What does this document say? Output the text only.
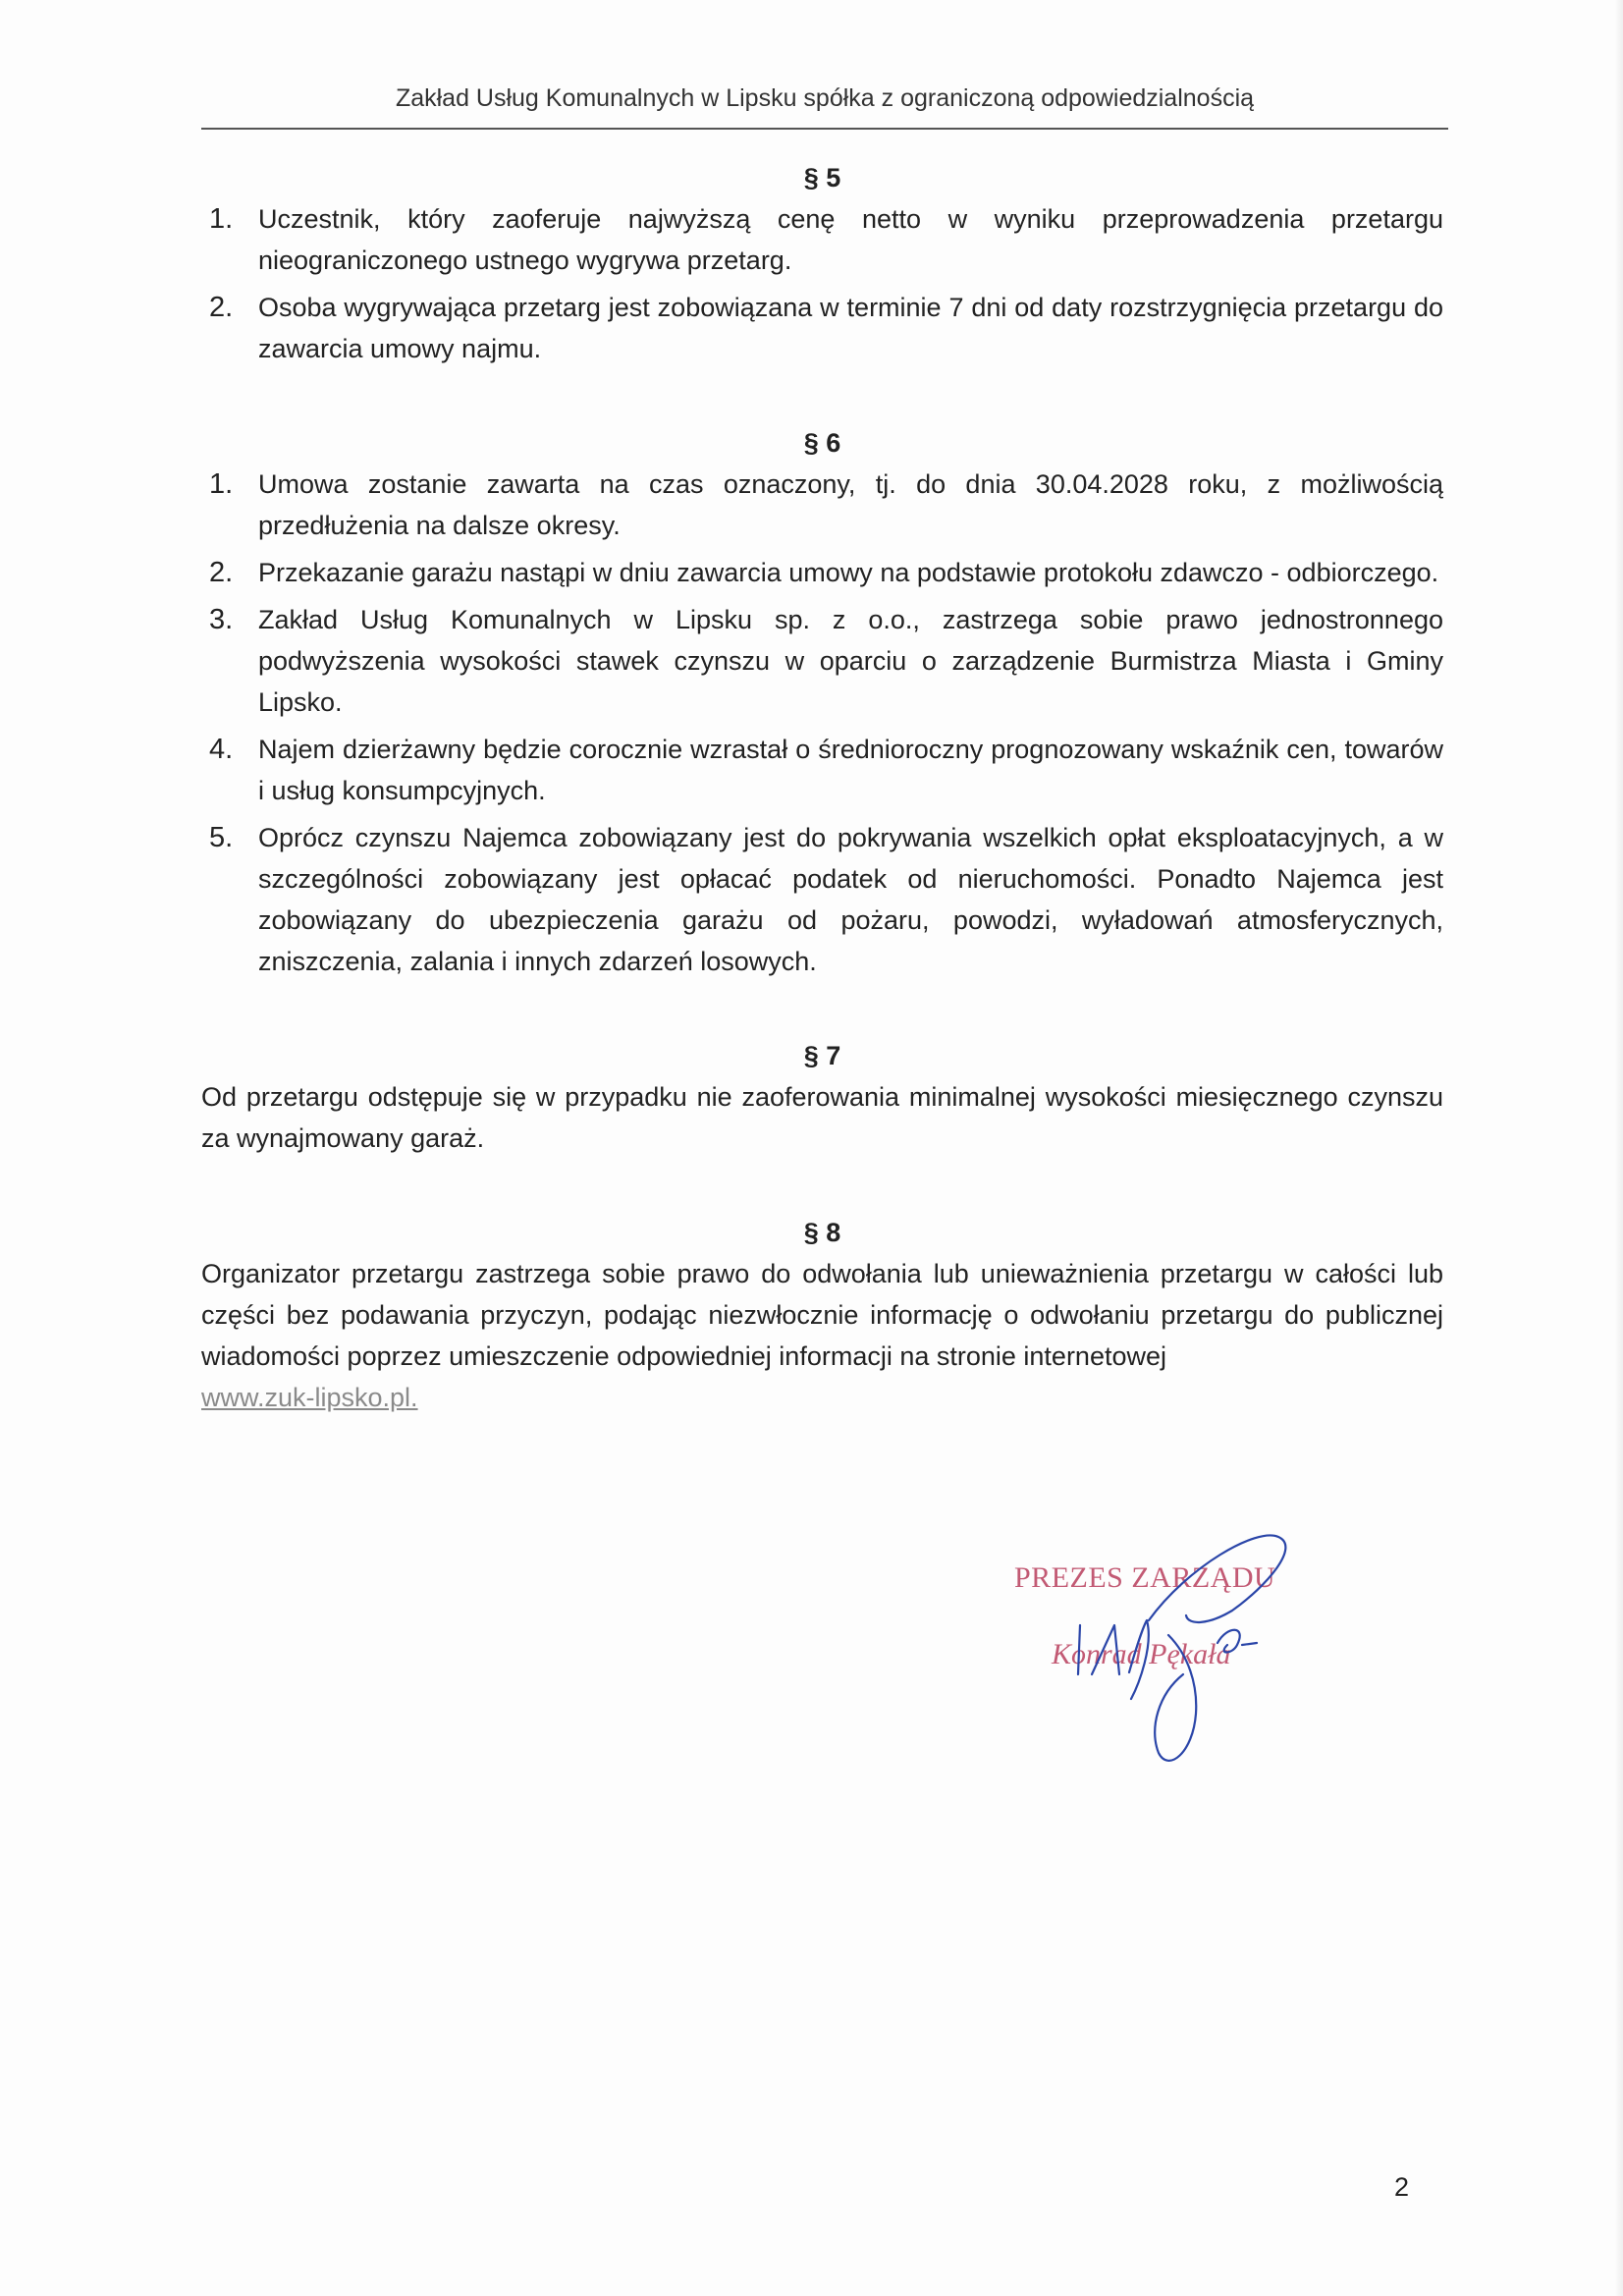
Zakład Usług Komunalnych w Lipsku spółka z ograniczoną odpowiedzialnością
§ 5
1. Uczestnik, który zaoferuje najwyższą cenę netto w wyniku przeprowadzenia przetargu nieograniczonego ustnego wygrywa przetarg.
2. Osoba wygrywająca przetarg jest zobowiązana w terminie 7 dni od daty rozstrzygnięcia przetargu do zawarcia umowy najmu.
§ 6
1. Umowa zostanie zawarta na czas oznaczony, tj. do dnia 30.04.2028 roku, z możliwością przedłużenia na dalsze okresy.
2. Przekazanie garażu nastąpi w dniu zawarcia umowy na podstawie protokołu zdawczo - odbiorczego.
3. Zakład Usług Komunalnych w Lipsku sp. z o.o., zastrzega sobie prawo jednostronnego podwyższenia wysokości stawek czynszu w oparciu o zarządzenie Burmistrza Miasta i Gminy Lipsko.
4. Najem dzierżawny będzie corocznie wzrastał o średnioroczny prognozowany wskaźnik cen, towarów i usług konsumpcyjnych.
5. Oprócz czynszu Najemca zobowiązany jest do pokrywania wszelkich opłat eksploatacyjnych, a w szczególności zobowiązany jest opłacać podatek od nieruchomości. Ponadto Najemca jest zobowiązany do ubezpieczenia garażu od pożaru, powodzi, wyładowań atmosferycznych, zniszczenia, zalania i innych zdarzeń losowych.
§ 7

Od przetargu odstępuje się w przypadku nie zaoferowania minimalnej wysokości miesięcznego czynszu za wynajmowany garaż.

§ 8

Organizator przetargu zastrzega sobie prawo do odwołania lub unieważnienia przetargu w całości lub części bez podawania przyczyn, podając niezwłocznie informację o odwołaniu przetargu do publicznej wiadomości poprzez umieszczenie odpowiedniej informacji na stronie internetowej
www.zuk-lipsko.pl.

PREZES ZARZĄDU
Konrad Pękała
2
